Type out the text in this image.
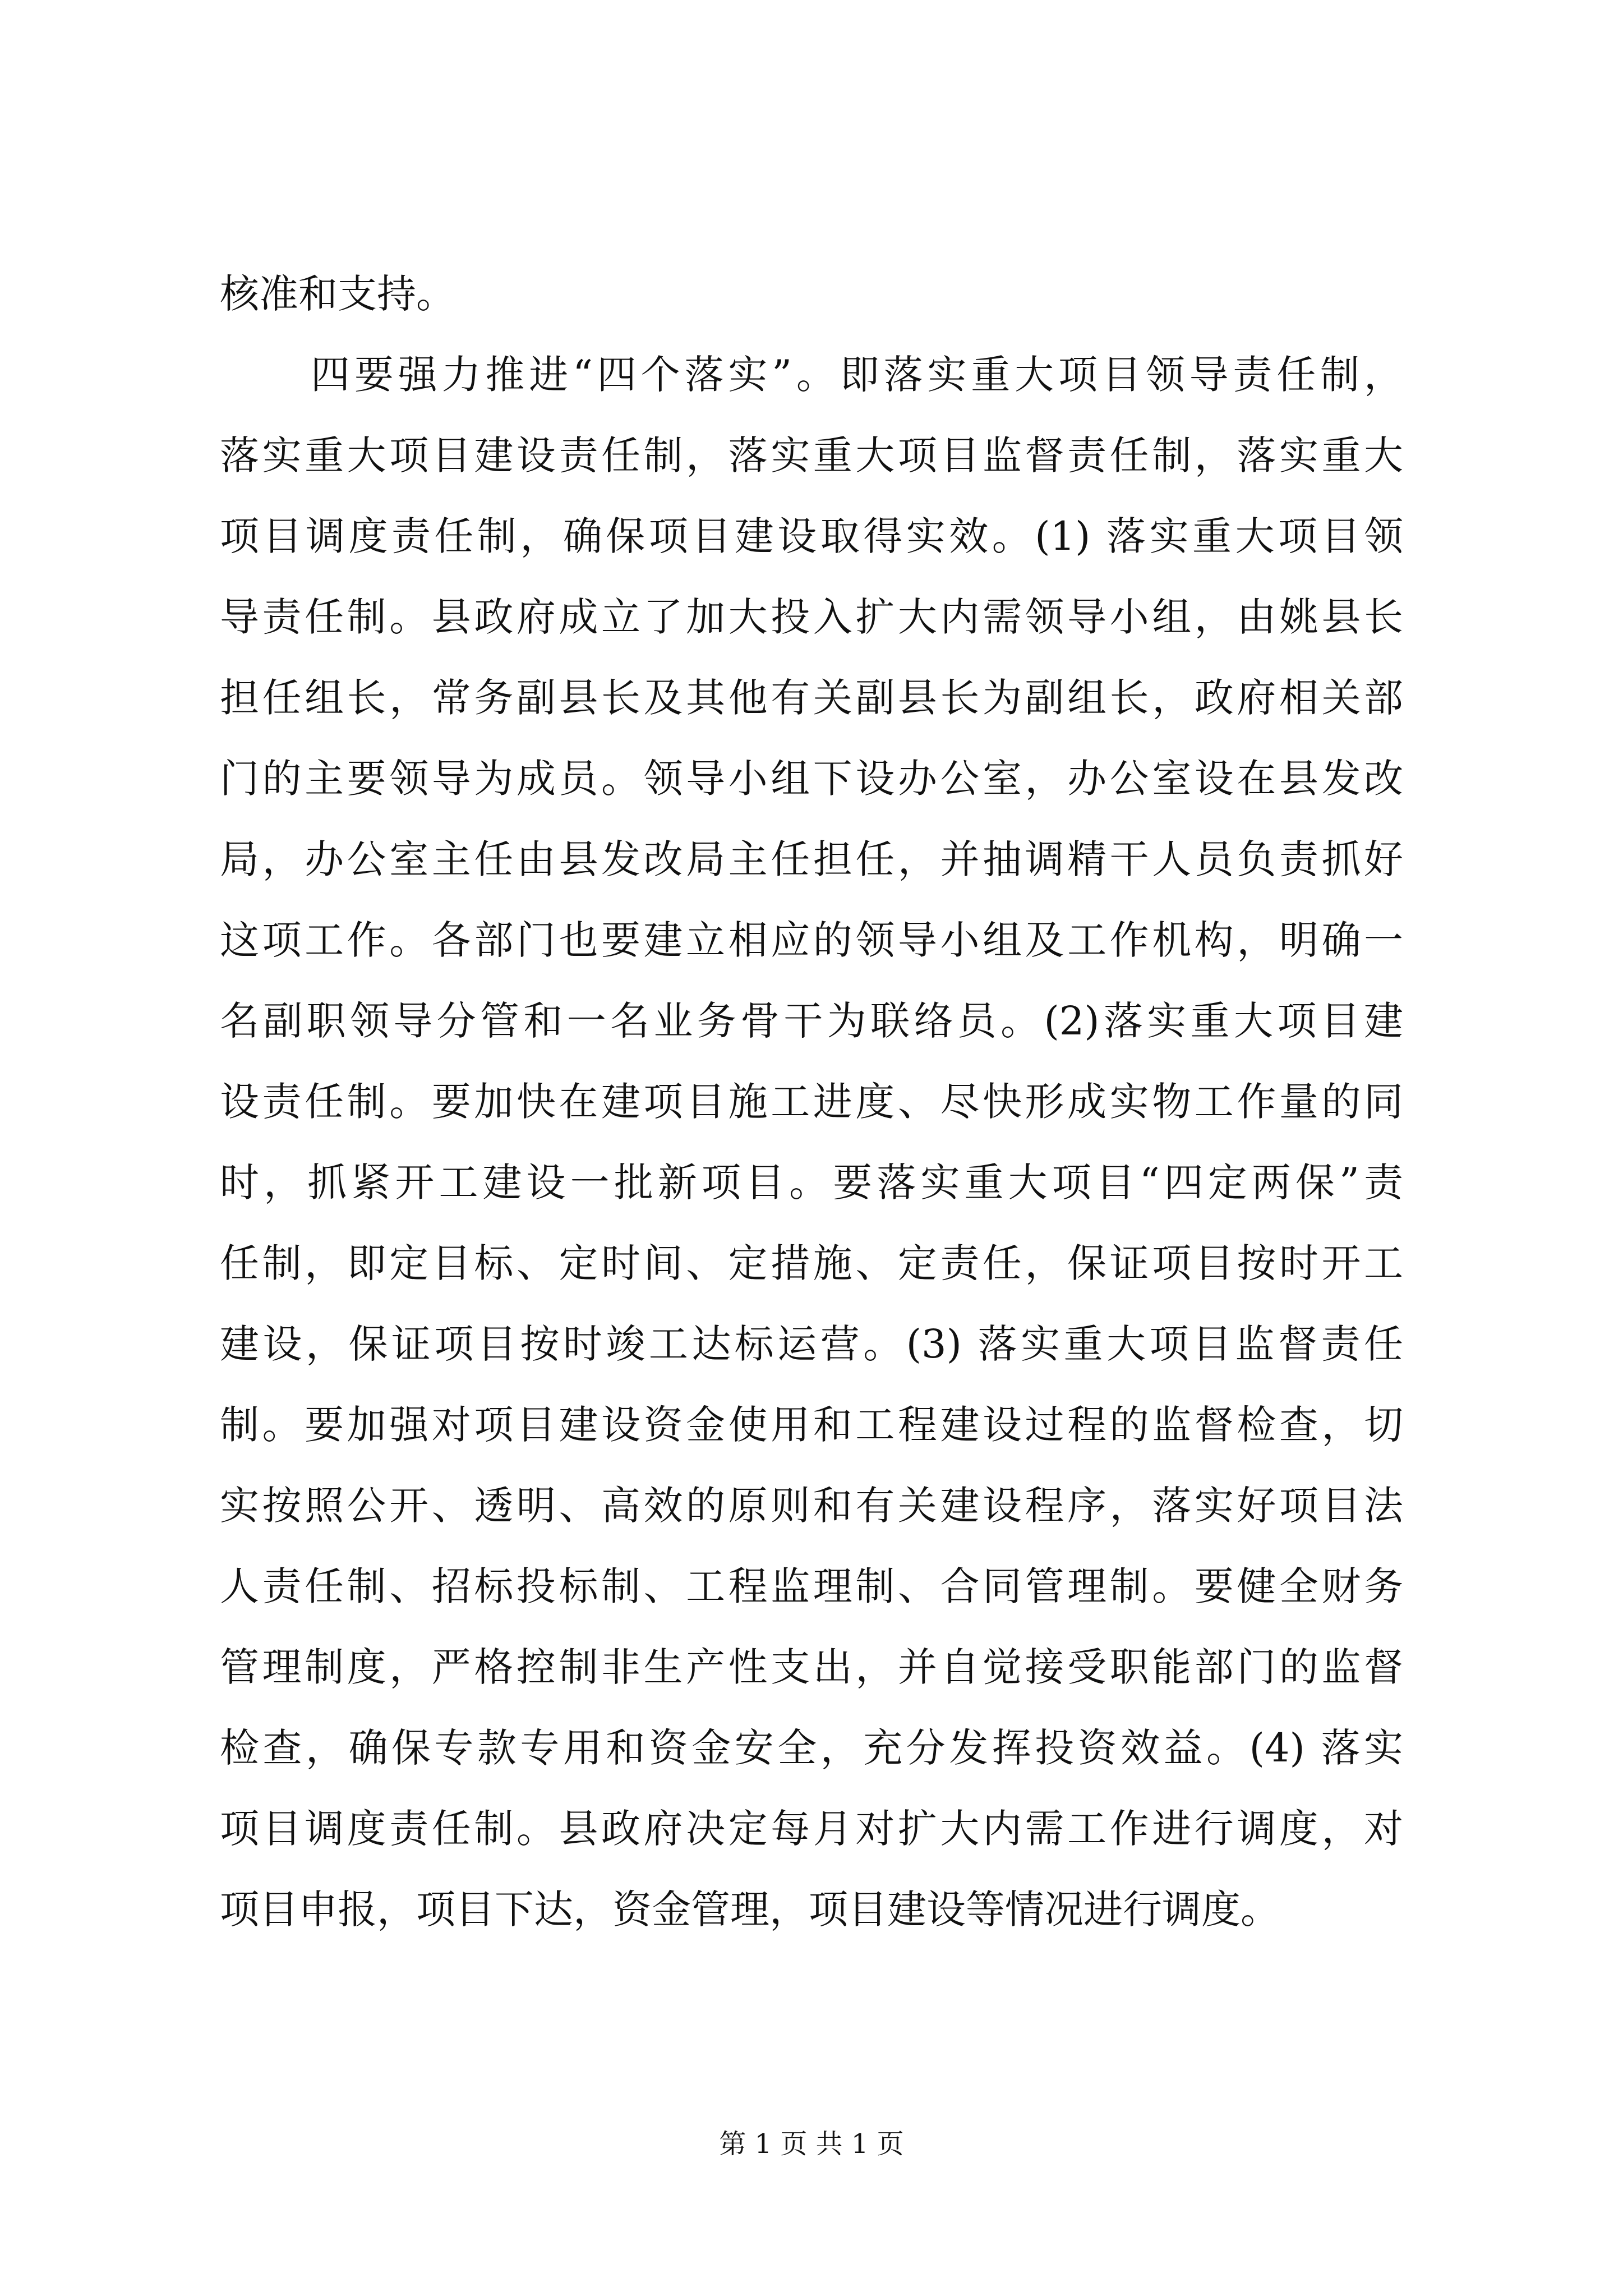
核准和支持。
四要强力推进“四个落实”。即落实重大项目领导责任制，
落实重大项目建设责任制，落实重大项目监督责任制，落实重大
项目调度责任制，确保项目建设取得实效。(1) 落实重大项目领
导责任制。县政府成立了加大投入扩大内需领导小组，由姚县长
担任组长，常务副县长及其他有关副县长为副组长，政府相关部
门的主要领导为成员。领导小组下设办公室，办公室设在县发改
局，办公室主任由县发改局主任担任，并抽调精干人员负责抓好
这项工作。各部门也要建立相应的领导小组及工作机构，明确一
名副职领导分管和一名业务骨干为联络员。(2)落实重大项目建
设责任制。要加快在建项目施工进度、尽快形成实物工作量的同
时，抓紧开工建设一批新项目。要落实重大项目“四定两保”责
任制，即定目标、定时间、定措施、定责任，保证项目按时开工
建设，保证项目按时竣工达标运营。(3) 落实重大项目监督责任
制。要加强对项目建设资金使用和工程建设过程的监督检查，切
实按照公开、透明、高效的原则和有关建设程序，落实好项目法
人责任制、招标投标制、工程监理制、合同管理制。要健全财务
管理制度，严格控制非生产性支出，并自觉接受职能部门的监督
检查，确保专款专用和资金安全，充分发挥投资效益。(4) 落实
项目调度责任制。县政府决定每月对扩大内需工作进行调度，对
项目申报，项目下达，资金管理，项目建设等情况进行调度。
第 1 页 共 1 页
